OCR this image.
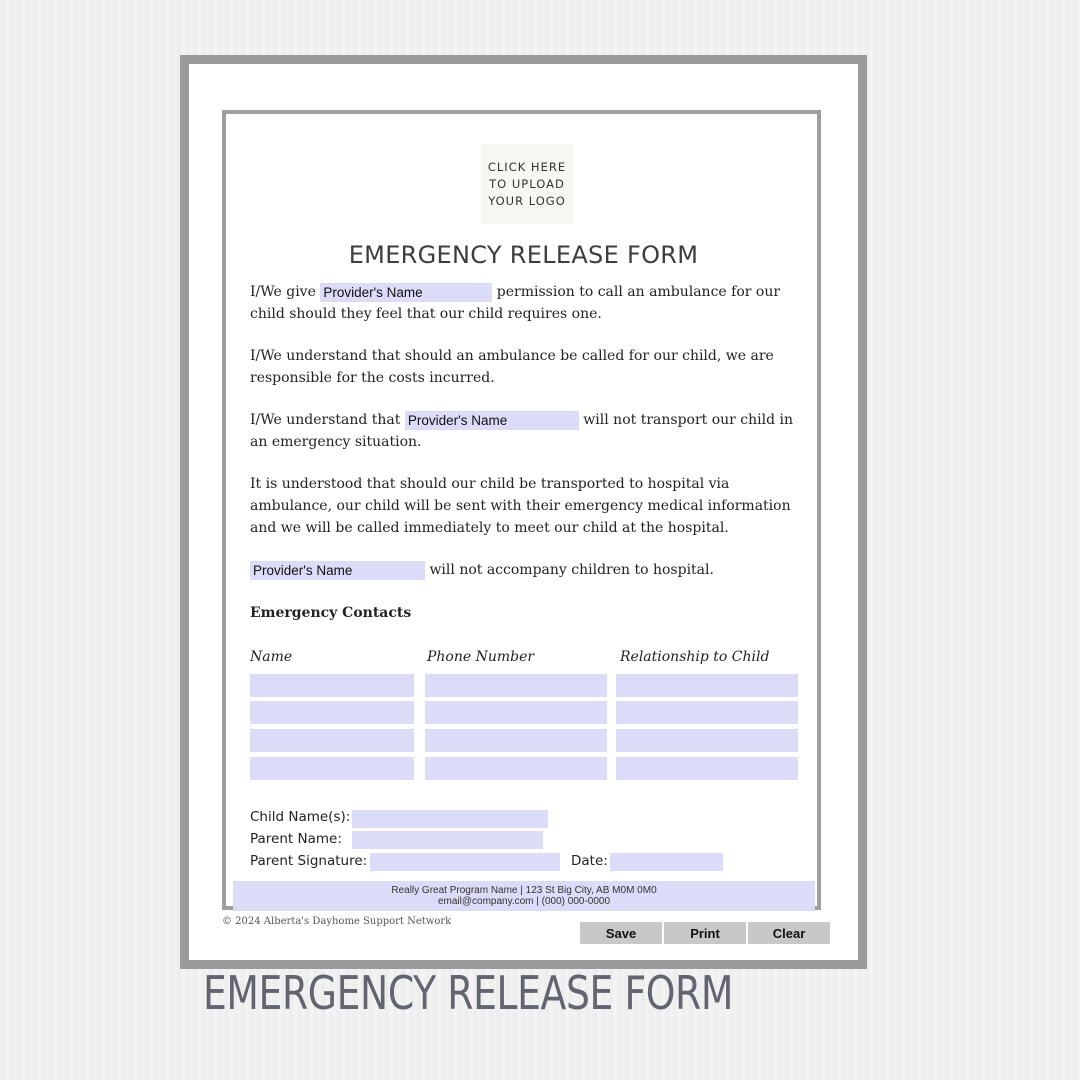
CLICK HERE
TO UPLOAD
YOUR LOGO
EMERGENCY RELEASE FORM
I/We give Provider's Name	permission to call an ambulance for our child should they feel that our child requires one.
I/We understand that should an ambulance be called for our child, we are responsible for the costs incurred.
I/We understand that Provider's Name	will not transport our child in an emergency situation.
It is understood that should our child be transported to hospital via ambulance, our child will be sent with their emergency medical information and we will be called immediately to meet our child at the hospital.
Provider's Name will not accompany children to hospital.
Emergency Contacts
Name	Phone Number	Relationship to Child
Child Name(s):
Parent Name:
Parent Signature:	Date:
Really Great Program Name | 123 St Big City, AB M0M 0M0
email@company.com | (000) 000-0000
© 2024 Alberta's Dayhome Support Network
Save	Print	Clear
EMERGENCY RELEASE FORM
